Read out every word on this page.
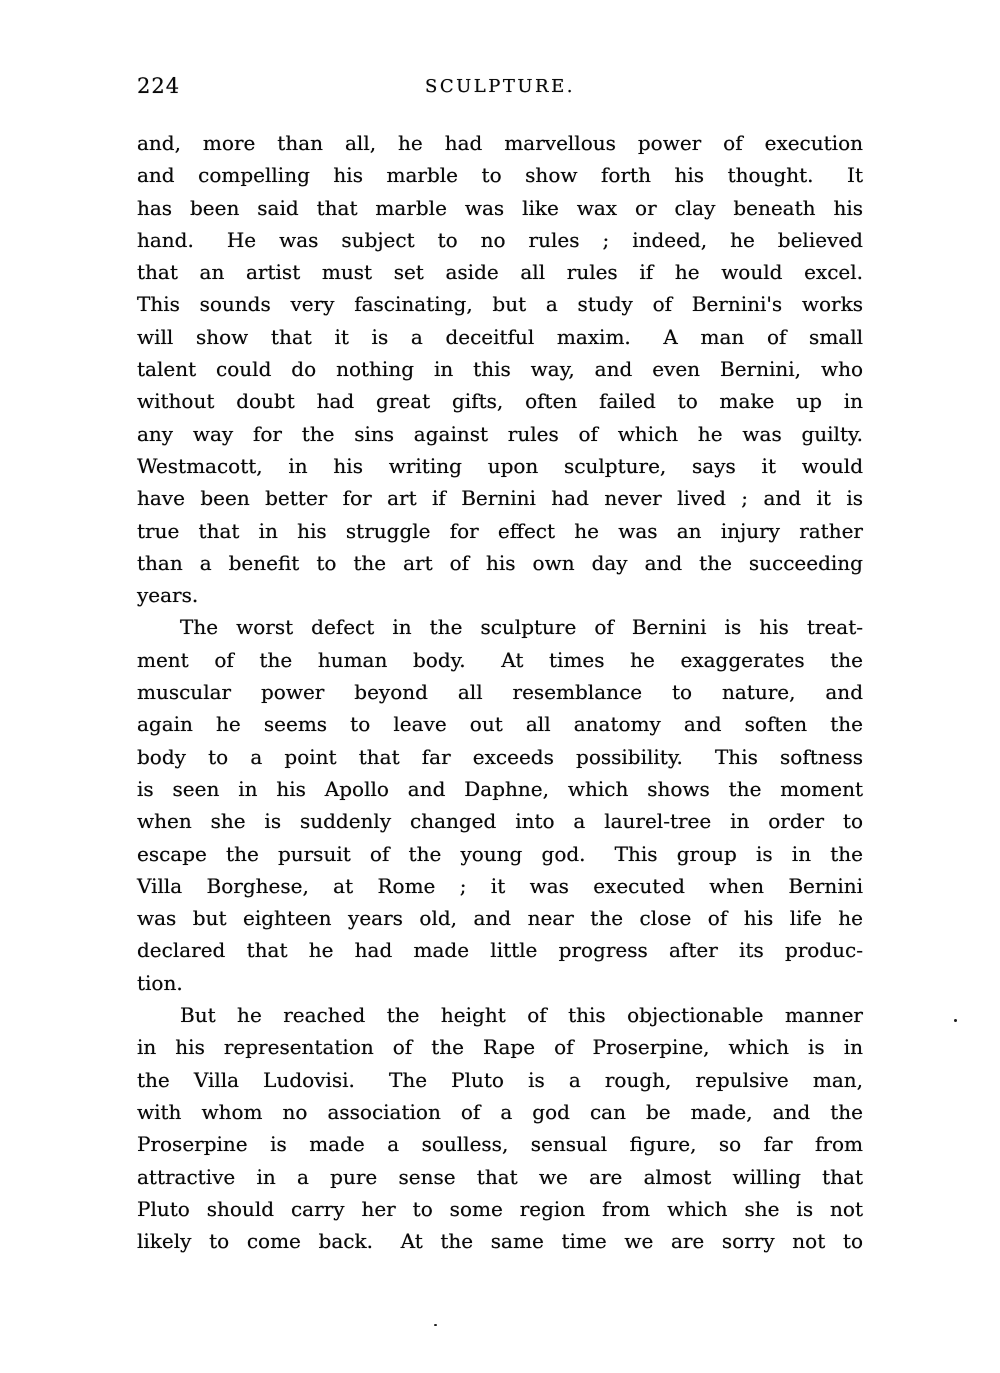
224	SCULPTURE.
and, more than all, he had marvellous power of execution
and compelling his marble to show forth his thought.  It
has been said that marble was like wax or clay beneath his
hand.  He was subject to no rules ; indeed, he believed
that an artist must set aside all rules if he would excel.
This sounds very fascinating, but a study of Bernini's works
will show that it is a deceitful maxim.  A man of small
talent could do nothing in this way, and even Bernini, who
without doubt had great gifts, often failed to make up in
any way for the sins against rules of which he was guilty.
Westmacott, in his writing upon sculpture, says it would
have been better for art if Bernini had never lived ; and it is
true that in his struggle for effect he was an injury rather
than a benefit to the art of his own day and the succeeding
years.
The worst defect in the sculpture of Bernini is his treat-
ment of the human body.  At times he exaggerates the
muscular power beyond all resemblance to nature, and
again he seems to leave out all anatomy and soften the
body to a point that far exceeds possibility.  This softness
is seen in his Apollo and Daphne, which shows the moment
when she is suddenly changed into a laurel-tree in order to
escape the pursuit of the young god.  This group is in the
Villa Borghese, at Rome ; it was executed when Bernini
was but eighteen years old, and near the close of his life he
declared that he had made little progress after its produc-
tion.
But he reached the height of this objectionable manner
in his representation of the Rape of Proserpine, which is in
the Villa Ludovisi.  The Pluto is a rough, repulsive man,
with whom no association of a god can be made, and the
Proserpine is made a soulless, sensual figure, so far from
attractive in a pure sense that we are almost willing that
Pluto should carry her to some region from which she is not
likely to come back.  At the same time we are sorry not to
